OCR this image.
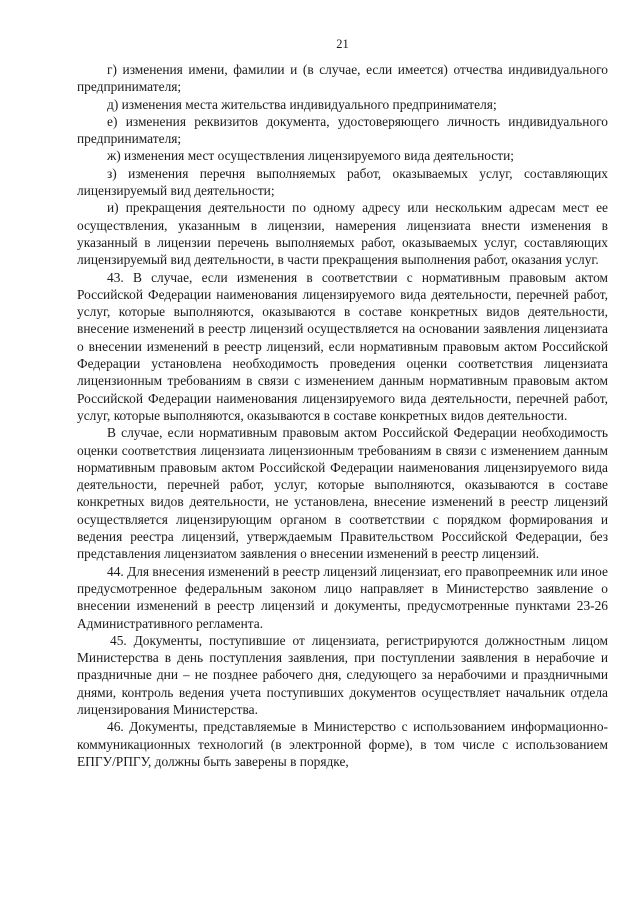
21

г) изменения имени, фамилии и (в случае, если имеется) отчества индивидуального предпринимателя;

д) изменения места жительства индивидуального предпринимателя;

е) изменения реквизитов документа, удостоверяющего личность индивидуального предпринимателя;

ж) изменения мест осуществления лицензируемого вида деятельности;

з) изменения перечня выполняемых работ, оказываемых услуг, составляющих лицензируемый вид деятельности;

и) прекращения деятельности по одному адресу или нескольким адресам мест ее осуществления, указанным в лицензии, намерения лицензиата внести изменения в указанный в лицензии перечень выполняемых работ, оказываемых услуг, составляющих лицензируемый вид деятельности, в части прекращения выполнения работ, оказания услуг.

43. В случае, если изменения в соответствии с нормативным правовым актом Российской Федерации наименования лицензируемого вида деятельности, перечней работ, услуг, которые выполняются, оказываются в составе конкретных видов деятельности, внесение изменений в реестр лицензий осуществляется на основании заявления лицензиата о внесении изменений в реестр лицензий, если нормативным правовым актом Российской Федерации установлена необходимость проведения оценки соответствия лицензиата лицензионным требованиям в связи с изменением данным нормативным правовым актом Российской Федерации наименования лицензируемого вида деятельности, перечней работ, услуг, которые выполняются, оказываются в составе конкретных видов деятельности.

В случае, если нормативным правовым актом Российской Федерации необходимость оценки соответствия лицензиата лицензионным требованиям в связи с изменением данным нормативным правовым актом Российской Федерации наименования лицензируемого вида деятельности, перечней работ, услуг, которые выполняются, оказываются в составе конкретных видов деятельности, не установлена, внесение изменений в реестр лицензий осуществляется лицензирующим органом в соответствии с порядком формирования и ведения реестра лицензий, утверждаемым Правительством Российской Федерации, без представления лицензиатом заявления о внесении изменений в реестр лицензий.

44. Для внесения изменений в реестр лицензий лицензиат, его правопреемник или иное предусмотренное федеральным законом лицо направляет в Министерство заявление о внесении изменений в реестр лицензий и документы, предусмотренные пунктами 23-26 Административного регламента.

45. Документы, поступившие от лицензиата, регистрируются должностным лицом Министерства в день поступления заявления, при поступлении заявления в нерабочие и праздничные дни – не позднее рабочего дня, следующего за нерабочими и праздничными днями, контроль ведения учета поступивших документов осуществляет начальник отдела лицензирования Министерства.

46. Документы, представляемые в Министерство с использованием информационно-коммуникационных технологий (в электронной форме), в том числе с использованием ЕПГУ/РПГУ, должны быть заверены в порядке,
